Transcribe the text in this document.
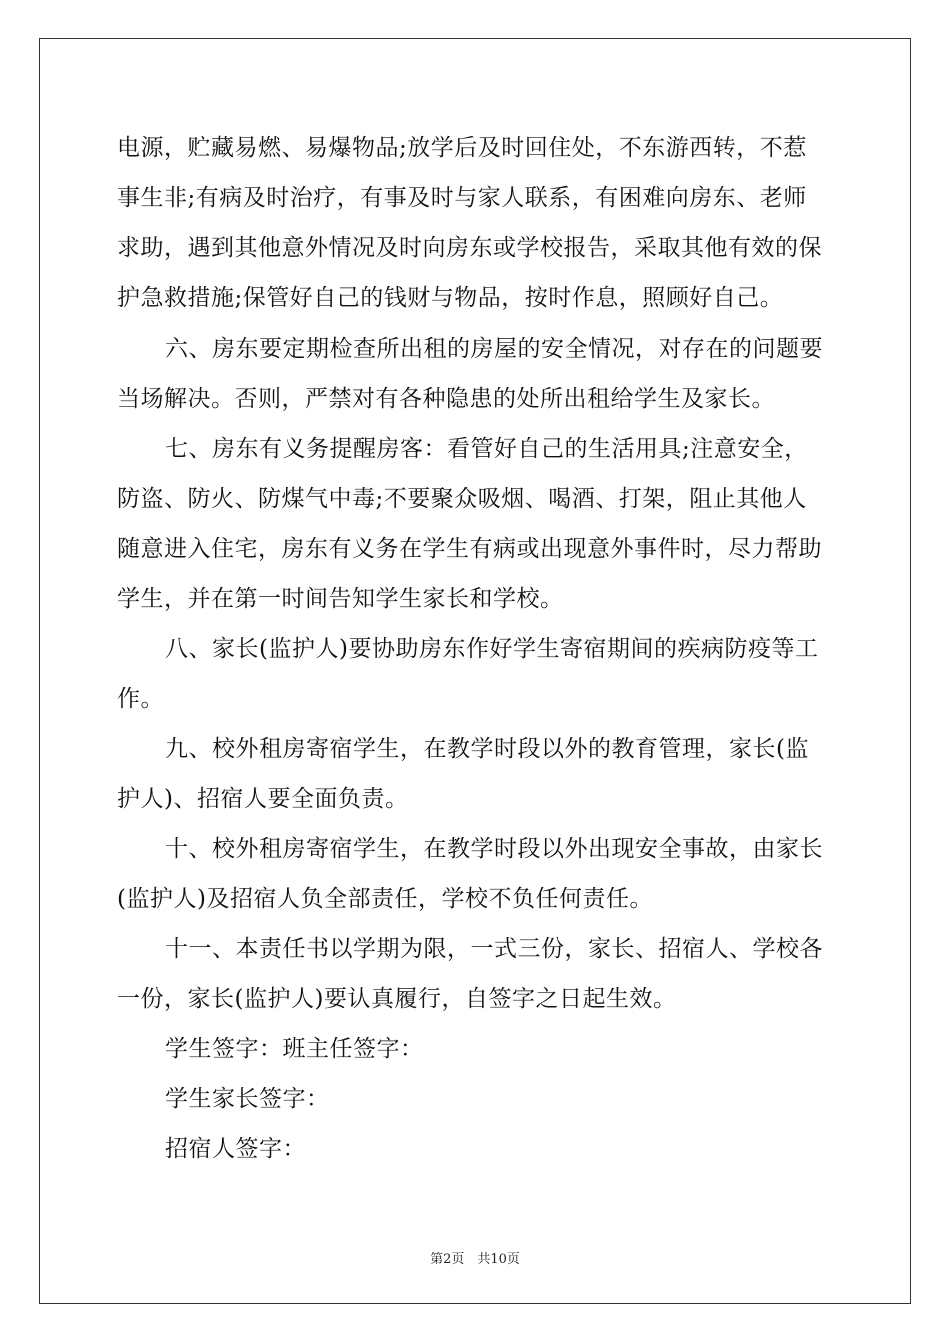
电源，贮藏易燃、易爆物品;放学后及时回住处，不东游西转，不惹
事生非;有病及时治疗，有事及时与家人联系，有困难向房东、老师
求助，遇到其他意外情况及时向房东或学校报告，采取其他有效的保
护急救措施;保管好自己的钱财与物品，按时作息，照顾好自己。
六、房东要定期检查所出租的房屋的安全情况，对存在的问题要
当场解决。否则，严禁对有各种隐患的处所出租给学生及家长。
七、房东有义务提醒房客：看管好自己的生活用具;注意安全，
防盗、防火、防煤气中毒;不要聚众吸烟、喝酒、打架，阻止其他人
随意进入住宅，房东有义务在学生有病或出现意外事件时，尽力帮助
学生，并在第一时间告知学生家长和学校。
八、家长(监护人)要协助房东作好学生寄宿期间的疾病防疫等工
作。
九、校外租房寄宿学生，在教学时段以外的教育管理，家长(监
护人)、招宿人要全面负责。
十、校外租房寄宿学生，在教学时段以外出现安全事故，由家长
(监护人)及招宿人负全部责任，学校不负任何责任。
十一、本责任书以学期为限，一式三份，家长、招宿人、学校各
一份，家长(监护人)要认真履行，自签字之日起生效。
学生签字：班主任签字：
学生家长签字：
招宿人签字：
第2页　共10页
